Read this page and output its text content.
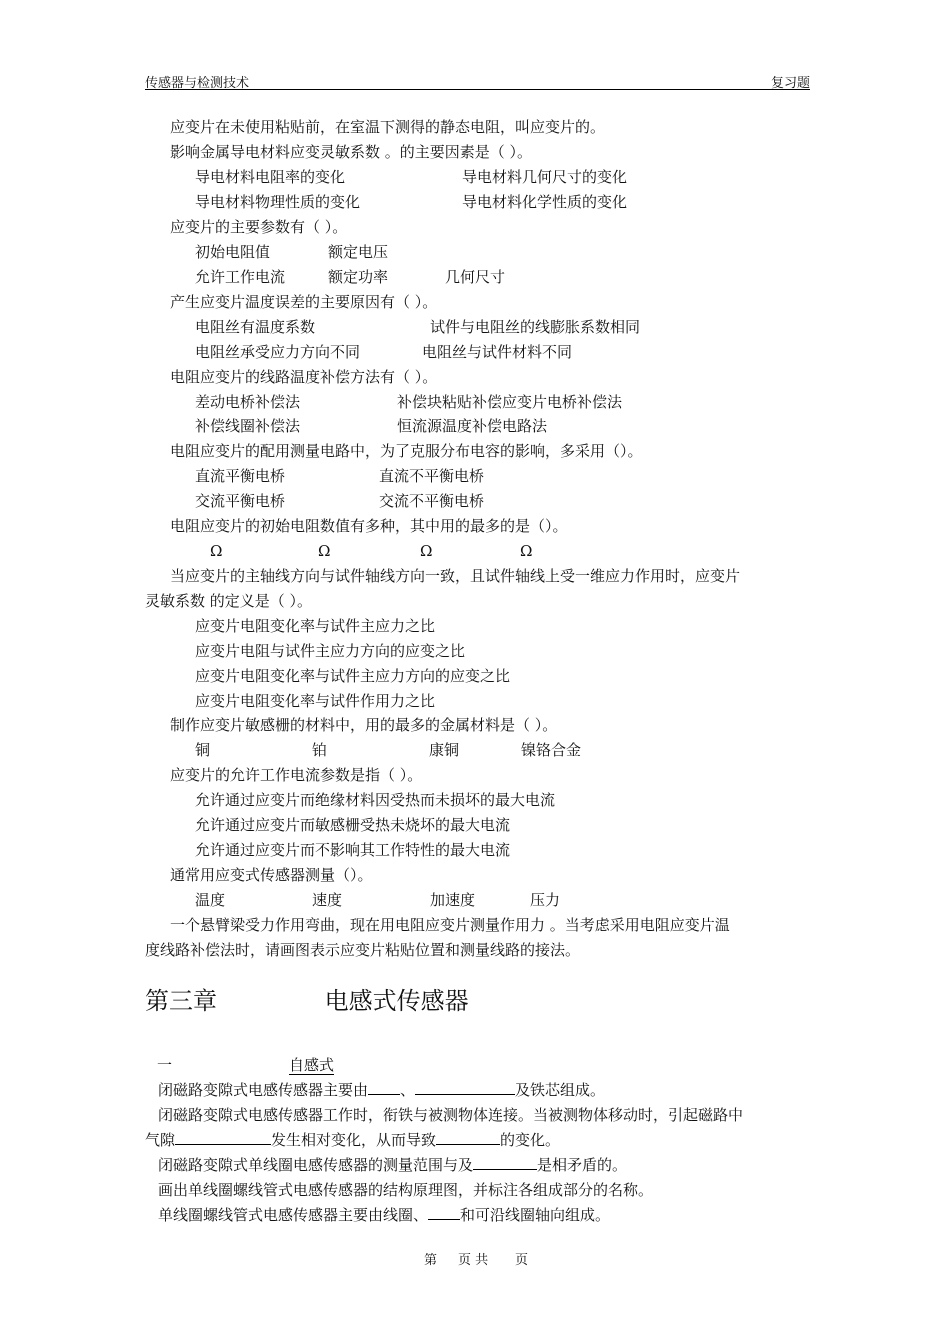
传感器与检测技术	复习题
应变片在未使用粘贴前，在室温下测得的静态电阻，叫应变片的。
影响金属导电材料应变灵敏系数 。的主要因素是（ ）。
导电材料电阻率的变化	导电材料几何尺寸的变化
导电材料物理性质的变化	导电材料化学性质的变化
应变片的主要参数有（ ）。
初始电阻值	额定电压
允许工作电流	额定功率	几何尺寸
产生应变片温度误差的主要原因有（ ）。
电阻丝有温度系数	试件与电阻丝的线膨胀系数相同
电阻丝承受应力方向不同	电阻丝与试件材料不同
电阻应变片的线路温度补偿方法有（ ）。
差动电桥补偿法	补偿块粘贴补偿应变片电桥补偿法
补偿线圈补偿法	恒流源温度补偿电路法
电阻应变片的配用测量电路中，为了克服分布电容的影响，多采用（）。
直流平衡电桥	直流不平衡电桥
交流平衡电桥	交流不平衡电桥
电阻应变片的初始电阻数值有多种，其中用的最多的是（）。
Ω	Ω	Ω	Ω
当应变片的主轴线方向与试件轴线方向一致，且试件轴线上受一维应力作用时，应变片
灵敏系数 的定义是（ ）。
应变片电阻变化率与试件主应力之比
应变片电阻与试件主应力方向的应变之比
应变片电阻变化率与试件主应力方向的应变之比
应变片电阻变化率与试件作用力之比
制作应变片敏感栅的材料中，用的最多的金属材料是（ ）。
铜	铂	康铜	镍铬合金
应变片的允许工作电流参数是指（ ）。
允许通过应变片而绝缘材料因受热而未损坏的最大电流
允许通过应变片而敏感栅受热未烧坏的最大电流
允许通过应变片而不影响其工作特性的最大电流
通常用应变式传感器测量（）。
温度	速度	加速度	压力
一个悬臂梁受力作用弯曲，现在用电阻应变片测量作用力 。当考虑采用电阻应变片温
度线路补偿法时，请画图表示应变片粘贴位置和测量线路的接法。
第三章	电感式传感器
一	自感式
闭磁路变隙式电感传感器主要由 、	及铁芯组成。
闭磁路变隙式电感传感器工作时，衔铁与被测物体连接。当被测物体移动时，引起磁路中
气隙	发生相对变化，从而导致	的变化。
闭磁路变隙式单线圈电感传感器的测量范围与及	是相矛盾的。
画出单线圈螺线管式电感传感器的结构原理图，并标注各组成部分的名称。
单线圈螺线管式电感传感器主要由线圈、 和可沿线圈轴向组成。
第 页 共 页
